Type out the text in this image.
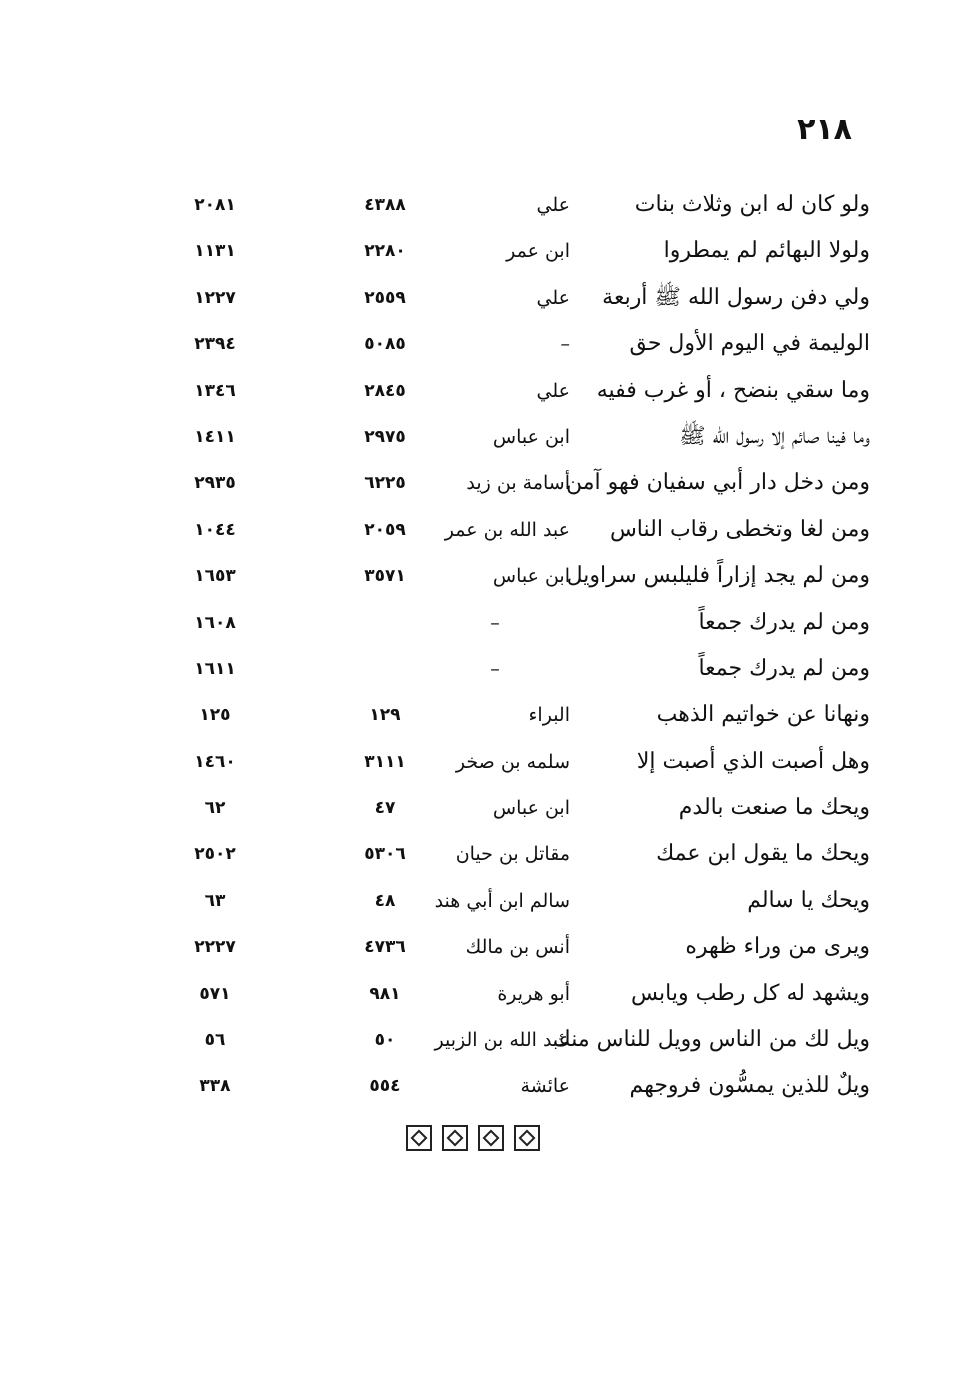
٢١٨
ولو كان له ابن وثلاث بنات
علي
٤٣٨٨
٢٠٨١
ولولا البهائم لم يمطروا
ابن عمر
٢٢٨٠
١١٣١
ولي دفن رسول الله ﷺ أربعة
علي
٢٥٥٩
١٢٢٧
الوليمة في اليوم الأول حق
–
٥٠٨٥
٢٣٩٤
وما سقي بنضح ، أو غرب ففيه
علي
٢٨٤٥
١٣٤٦
وما فينا صائم إلا رسول الله ﷺ
ابن عباس
٢٩٧٥
١٤١١
ومن دخل دار أبي سفيان فهو آمن
أسامة بن زيد
٦٢٢٥
٢٩٣٥
ومن لغا وتخطى رقاب الناس
عبد الله بن عمر
٢٠٥٩
١٠٤٤
ومن لم يجد إزاراً فليلبس سراويل
ابن عباس
٣٥٧١
١٦٥٣
ومن لم يدرك جمعاً
–
١٦٠٨
ومن لم يدرك جمعاً
–
١٦١١
ونهانا عن خواتيم الذهب
البراء
١٢٩
١٢٥
وهل أصبت الذي أصبت إلا
سلمه بن صخر
٣١١١
١٤٦٠
ويحك ما صنعت بالدم
ابن عباس
٤٧
٦٢
ويحك ما يقول ابن عمك
مقاتل بن حيان
٥٣٠٦
٢٥٠٢
ويحك يا سالم
سالم ابن أبي هند
٤٨
٦٣
ويرى من وراء ظهره
أنس بن مالك
٤٧٣٦
٢٢٢٧
ويشهد له كل رطب ويابس
أبو هريرة
٩٨١
٥٧١
ويل لك من الناس وويل للناس منك
عبد الله بن الزبير
٥٠
٥٦
ويلٌ للذين يمسُّون فروجهم
عائشة
٥٥٤
٣٣٨
